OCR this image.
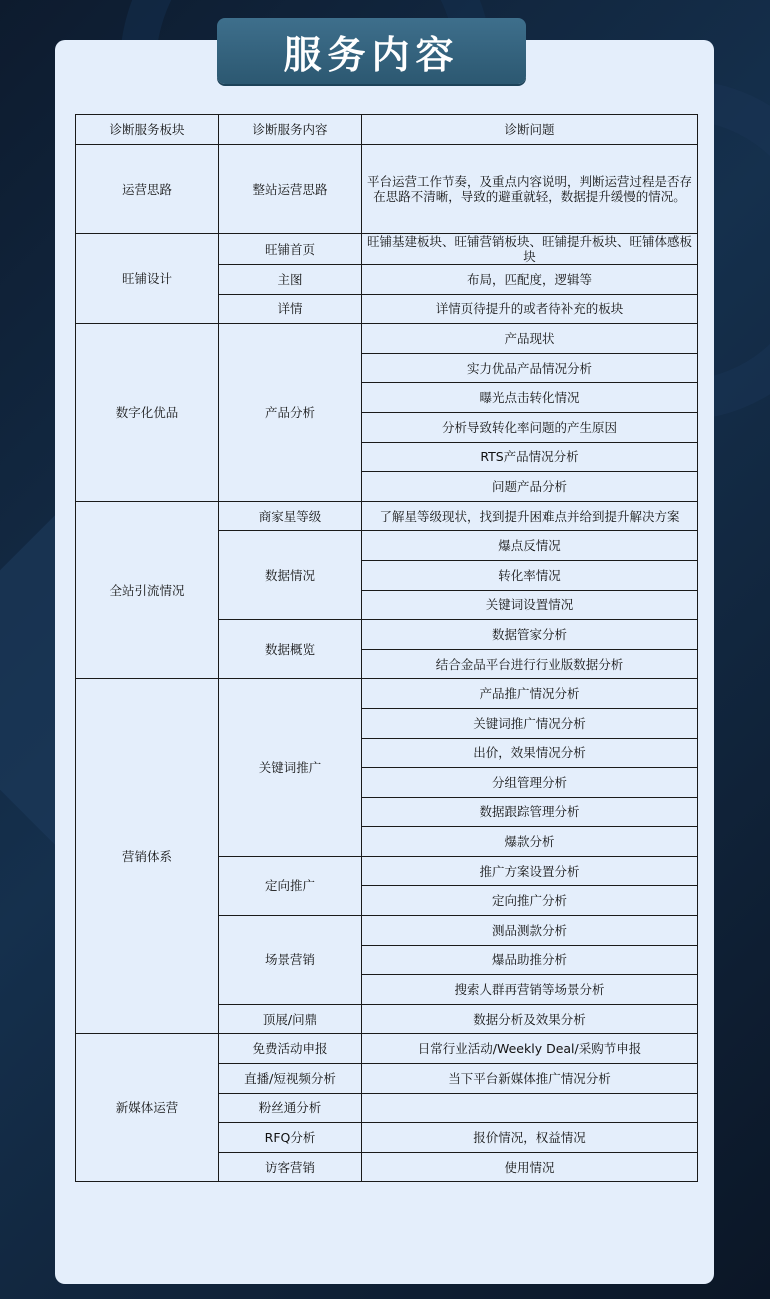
服务内容
诊断服务板块	诊断服务内容	诊断问题
运营思路	整站运营思路	平台运营工作节奏，及重点内容说明，判断运营过程是否存在思路不清晰，导致的避重就轻，数据提升缓慢的情况。
旺铺设计	旺铺首页	旺铺基建板块、旺铺营销板块、旺铺提升板块、旺铺体感板块
	主图	布局，匹配度，逻辑等
	详情	详情页待提升的或者待补充的板块
数字化优品	产品分析	产品现状
		实力优品产品情况分析
		曝光点击转化情况
		分析导致转化率问题的产生原因
		RTS产品情况分析
		问题产品分析
全站引流情况	商家星等级	了解星等级现状，找到提升困难点并给到提升解决方案
	数据情况	爆点反情况
		转化率情况
		关键词设置情况
	数据概览	数据管家分析
		结合金品平台进行行业版数据分析
营销体系	关键词推广	产品推广情况分析
		关键词推广情况分析
		出价，效果情况分析
		分组管理分析
		数据跟踪管理分析
		爆款分析
	定向推广	推广方案设置分析
		定向推广分析
	场景营销	测品测款分析
		爆品助推分析
		搜索人群再营销等场景分析
	顶展/问鼎	数据分析及效果分析
新媒体运营	免费活动申报	日常行业活动/Weekly Deal/采购节申报
	直播/短视频分析	当下平台新媒体推广情况分析
	粉丝通分析	
	RFQ分析	报价情况，权益情况
	访客营销	使用情况
